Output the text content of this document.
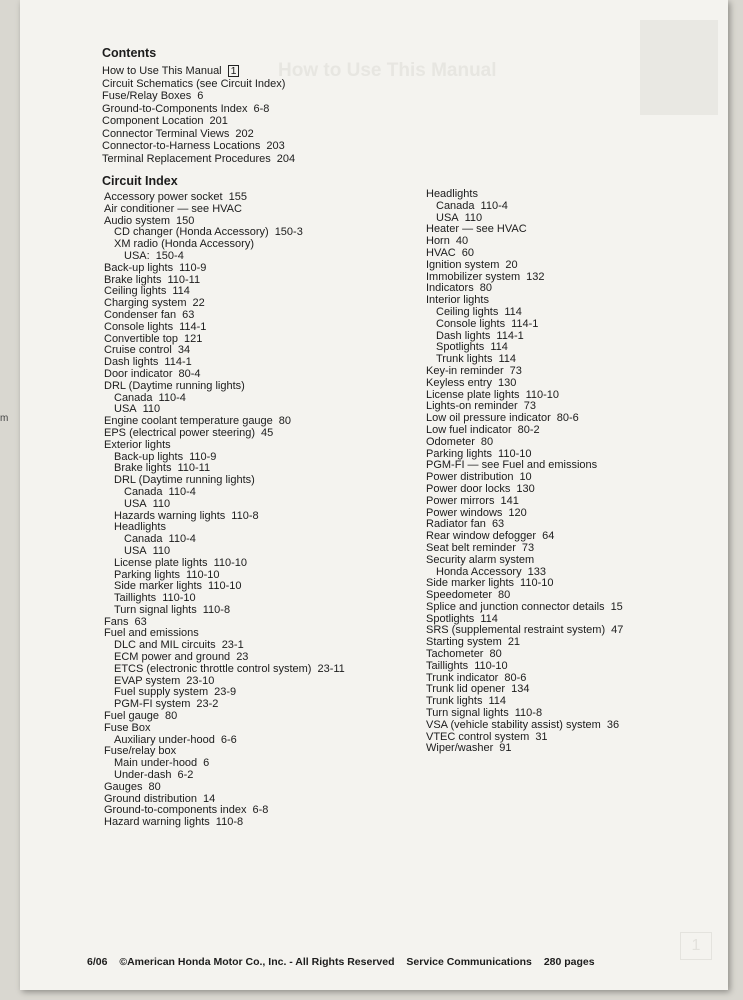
How to Use This Manual
1
Contents
How to Use This Manual 1
Circuit Schematics (see Circuit Index)
Fuse/Relay Boxes 6
Ground-to-Components Index 6-8
Component Location 201
Connector Terminal Views 202
Connector-to-Harness Locations 203
Terminal Replacement Procedures 204
Circuit Index
Accessory power socket 155
Air conditioner — see HVAC
Audio system 150
CD changer (Honda Accessory) 150-3
XM radio (Honda Accessory)
USA: 150-4
Back-up lights 110-9
Brake lights 110-11
Ceiling lights 114
Charging system 22
Condenser fan 63
Console lights 114-1
Convertible top 121
Cruise control 34
Dash lights 114-1
Door indicator 80-4
DRL (Daytime running lights)
Canada 110-4
USA 110
Engine coolant temperature gauge 80
EPS (electrical power steering) 45
Exterior lights
Back-up lights 110-9
Brake lights 110-11
DRL (Daytime running lights)
Canada 110-4
USA 110
Hazards warning lights 110-8
Headlights
Canada 110-4
USA 110
License plate lights 110-10
Parking lights 110-10
Side marker lights 110-10
Taillights 110-10
Turn signal lights 110-8
Fans 63
Fuel and emissions
DLC and MIL circuits 23-1
ECM power and ground 23
ETCS (electronic throttle control system) 23-11
EVAP system 23-10
Fuel supply system 23-9
PGM-FI system 23-2
Fuel gauge 80
Fuse Box
Auxiliary under-hood 6-6
Fuse/relay box
Main under-hood 6
Under-dash 6-2
Gauges 80
Ground distribution 14
Ground-to-components index 6-8
Hazard warning lights 110-8
Headlights
Canada 110-4
USA 110
Heater — see HVAC
Horn 40
HVAC 60
Ignition system 20
Immobilizer system 132
Indicators 80
Interior lights
Ceiling lights 114
Console lights 114-1
Dash lights 114-1
Spotlights 114
Trunk lights 114
Key-in reminder 73
Keyless entry 130
License plate lights 110-10
Lights-on reminder 73
Low oil pressure indicator 80-6
Low fuel indicator 80-2
Odometer 80
Parking lights 110-10
PGM-FI — see Fuel and emissions
Power distribution 10
Power door locks 130
Power mirrors 141
Power windows 120
Radiator fan 63
Rear window defogger 64
Seat belt reminder 73
Security alarm system
Honda Accessory 133
Side marker lights 110-10
Speedometer 80
Splice and junction connector details 15
Spotlights 114
SRS (supplemental restraint system) 47
Starting system 21
Tachometer 80
Taillights 110-10
Trunk indicator 80-6
Trunk lid opener 134
Trunk lights 114
Turn signal lights 110-8
VSA (vehicle stability assist) system 36
VTEC control system 31
Wiper/washer 91
6/06 ©American Honda Motor Co., Inc. - All Rights Reserved Service Communications 280 pages
m
